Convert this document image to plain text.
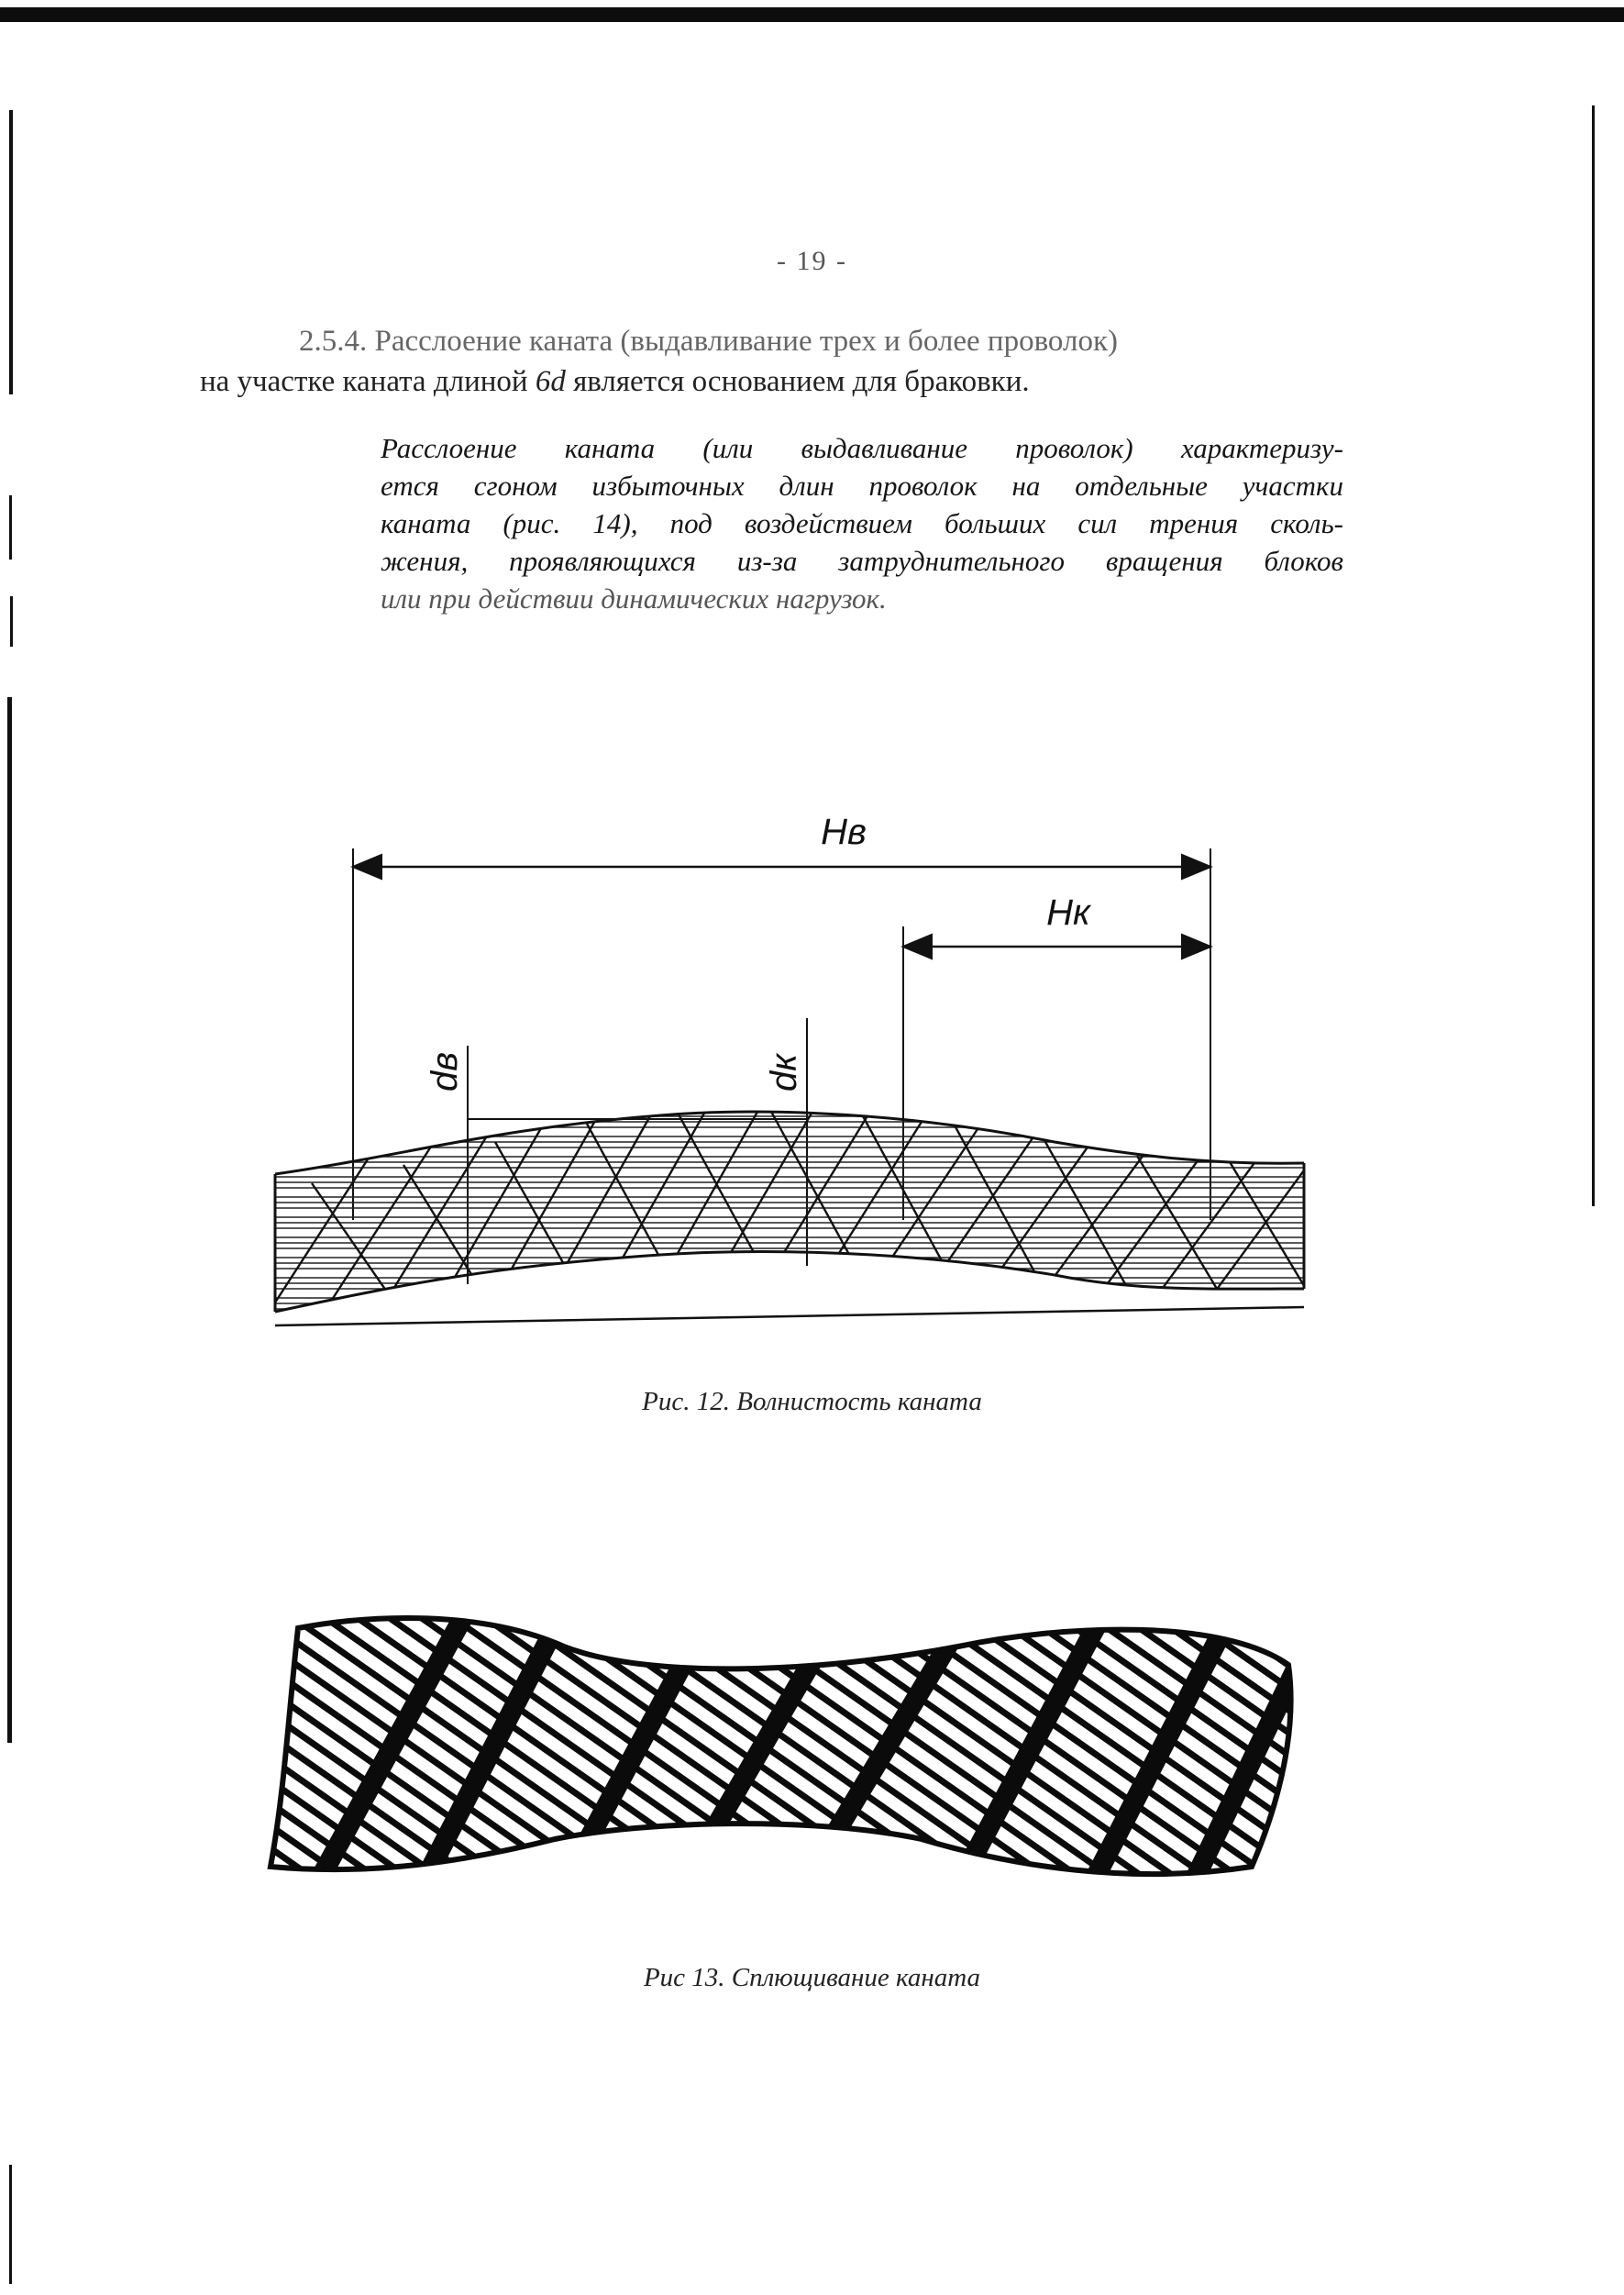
- 19 -
2.5.4. Расслоение каната (выдавливание трех и более проволок)
на участке каната длиной 6d является основанием для браковки.
Расслоение каната (или выдавливание проволок) характеризу-
ется сгоном избыточных длин проволок на отдельные участки
каната (рис. 14), под воздействием больших сил трения сколь-
жения, проявляющихся из-за затруднительного вращения блоков
или при действии динамических нагрузок.
Hв
Hк
dв	dк
Рис. 12. Волнистость каната
Рис 13. Сплющивание каната
